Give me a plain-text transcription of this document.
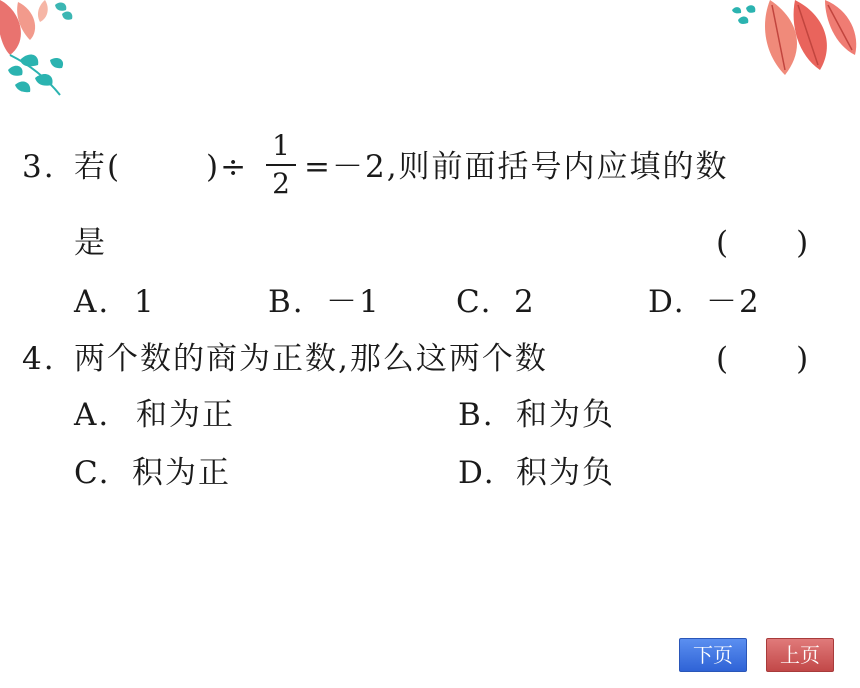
3. 若(	)÷
1
2 =－2,则前面括号内应填的数
是	(　　)
A. 1	B. －1 C. 2	D. －2
4. 两个数的商为正数,那么这两个数	(　　)
A. 和为正	B. 和为负
C. 积为正	D. 积为负
下页	上页
